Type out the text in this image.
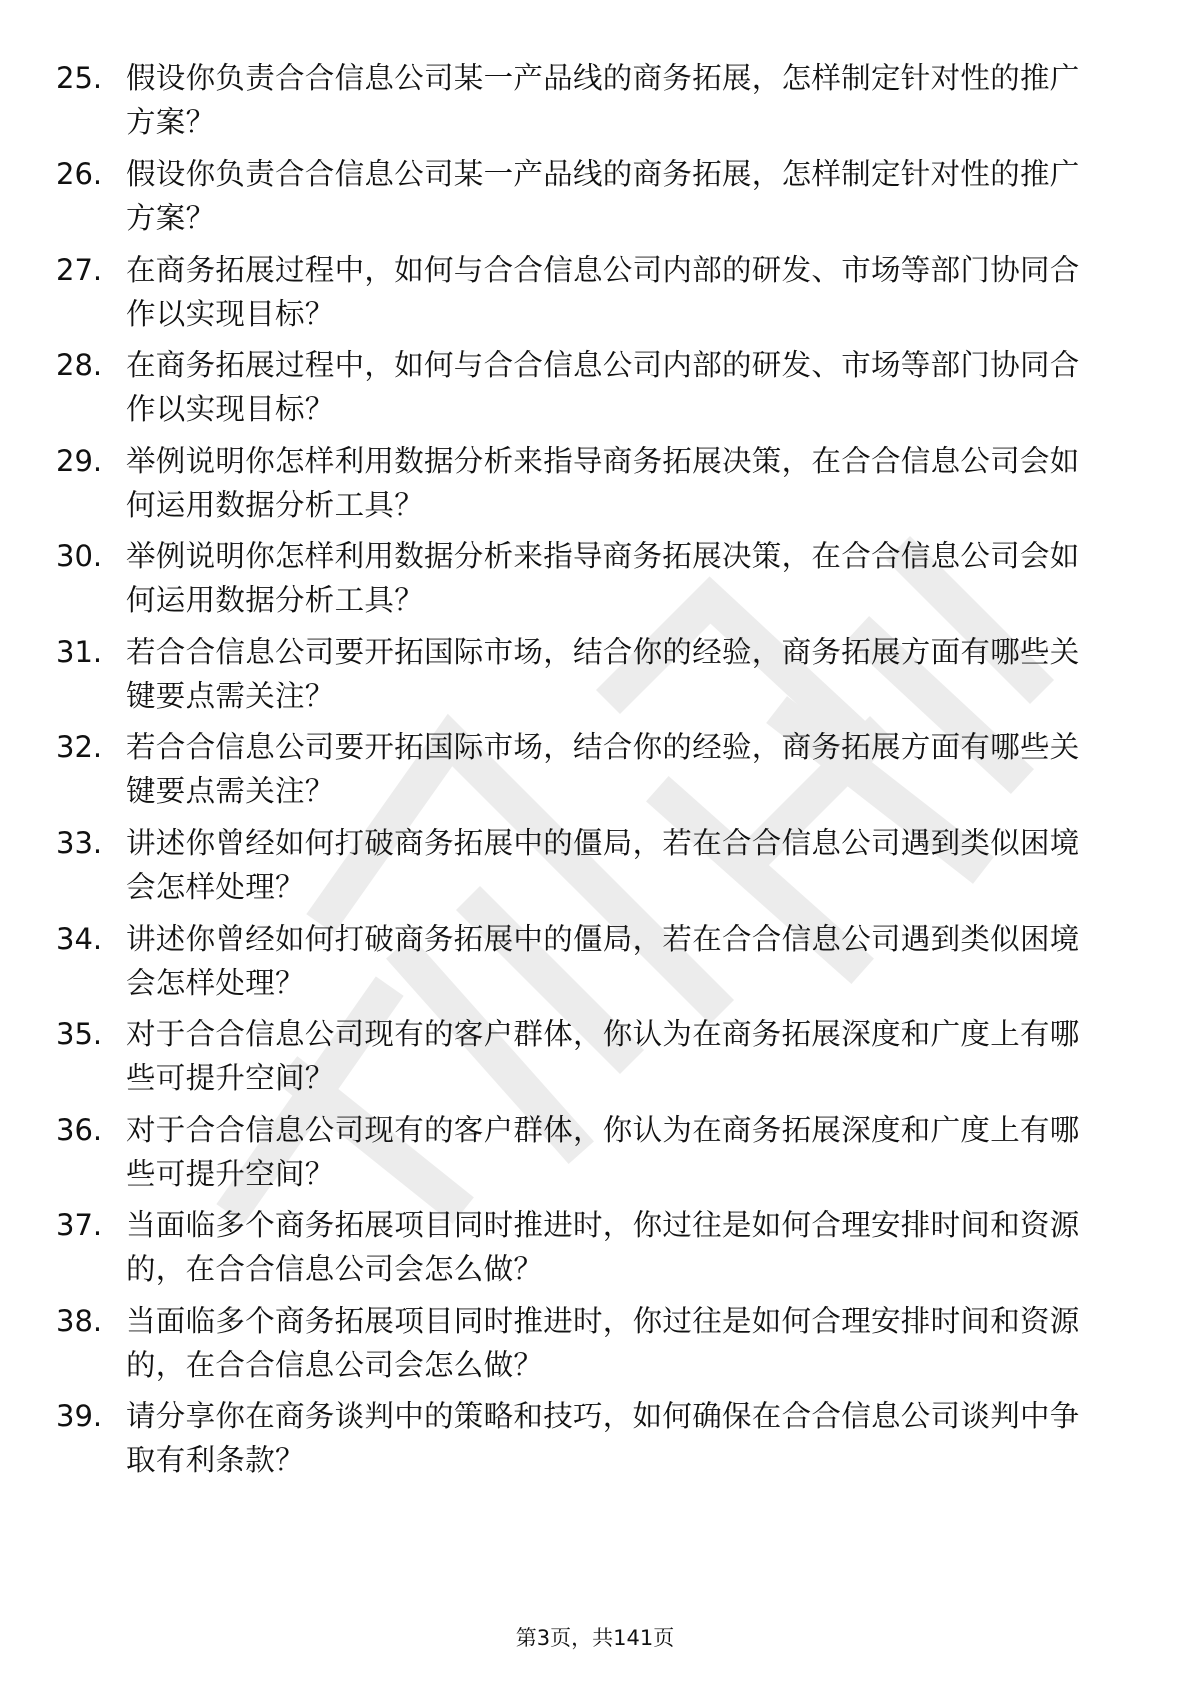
25. 假设你负责合合信息公司某一产品线的商务拓展，怎样制定针对性的推广方案？
26. 假设你负责合合信息公司某一产品线的商务拓展，怎样制定针对性的推广方案？
27. 在商务拓展过程中，如何与合合信息公司内部的研发、市场等部门协同合作以实现目标？
28. 在商务拓展过程中，如何与合合信息公司内部的研发、市场等部门协同合作以实现目标？
29. 举例说明你怎样利用数据分析来指导商务拓展决策，在合合信息公司会如何运用数据分析工具？
30. 举例说明你怎样利用数据分析来指导商务拓展决策，在合合信息公司会如何运用数据分析工具？
31. 若合合信息公司要开拓国际市场，结合你的经验，商务拓展方面有哪些关键要点需关注？
32. 若合合信息公司要开拓国际市场，结合你的经验，商务拓展方面有哪些关键要点需关注？
33. 讲述你曾经如何打破商务拓展中的僵局，若在合合信息公司遇到类似困境会怎样处理？
34. 讲述你曾经如何打破商务拓展中的僵局，若在合合信息公司遇到类似困境会怎样处理？
35. 对于合合信息公司现有的客户群体，你认为在商务拓展深度和广度上有哪些可提升空间？
36. 对于合合信息公司现有的客户群体，你认为在商务拓展深度和广度上有哪些可提升空间？
37. 当面临多个商务拓展项目同时推进时，你过往是如何合理安排时间和资源的，在合合信息公司会怎么做？
38. 当面临多个商务拓展项目同时推进时，你过往是如何合理安排时间和资源的，在合合信息公司会怎么做？
39. 请分享你在商务谈判中的策略和技巧，如何确保在合合信息公司谈判中争取有利条款？
第3页，共141页
